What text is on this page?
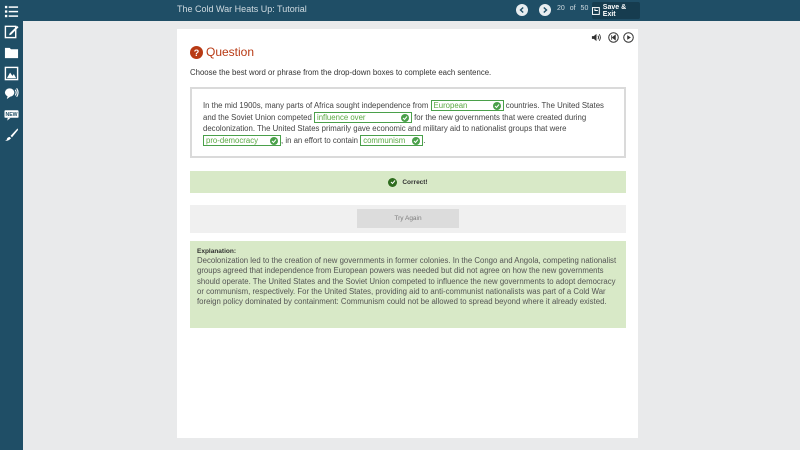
NEW
The Cold War Heats Up: Tutorial	20 of 50	Save & Exit
? Question
Choose the best word or phrase from the drop-down boxes to complete each sentence.
In the mid 1900s, many parts of Africa sought independence from European	countries. The United States and the Soviet Union competed influence over	for the new governments that were created during decolonization. The United States primarily gave economic and military aid to nationalist groups that were
pro-democracy	, in an effort to contain communism .
Correct!
Try Again
Explanation:
Decolonization led to the creation of new governments in former colonies. In the Congo and Angola, competing nationalist groups agreed that independence from European powers was needed but did not agree on how the new governments should operate. The United States and the Soviet Union competed to influence the new governments to adopt democracy or communism, respectively. For the United States, providing aid to anti-communist nationalists was part of a Cold War foreign policy dominated by containment: Communism could not be allowed to spread beyond where it already existed.
